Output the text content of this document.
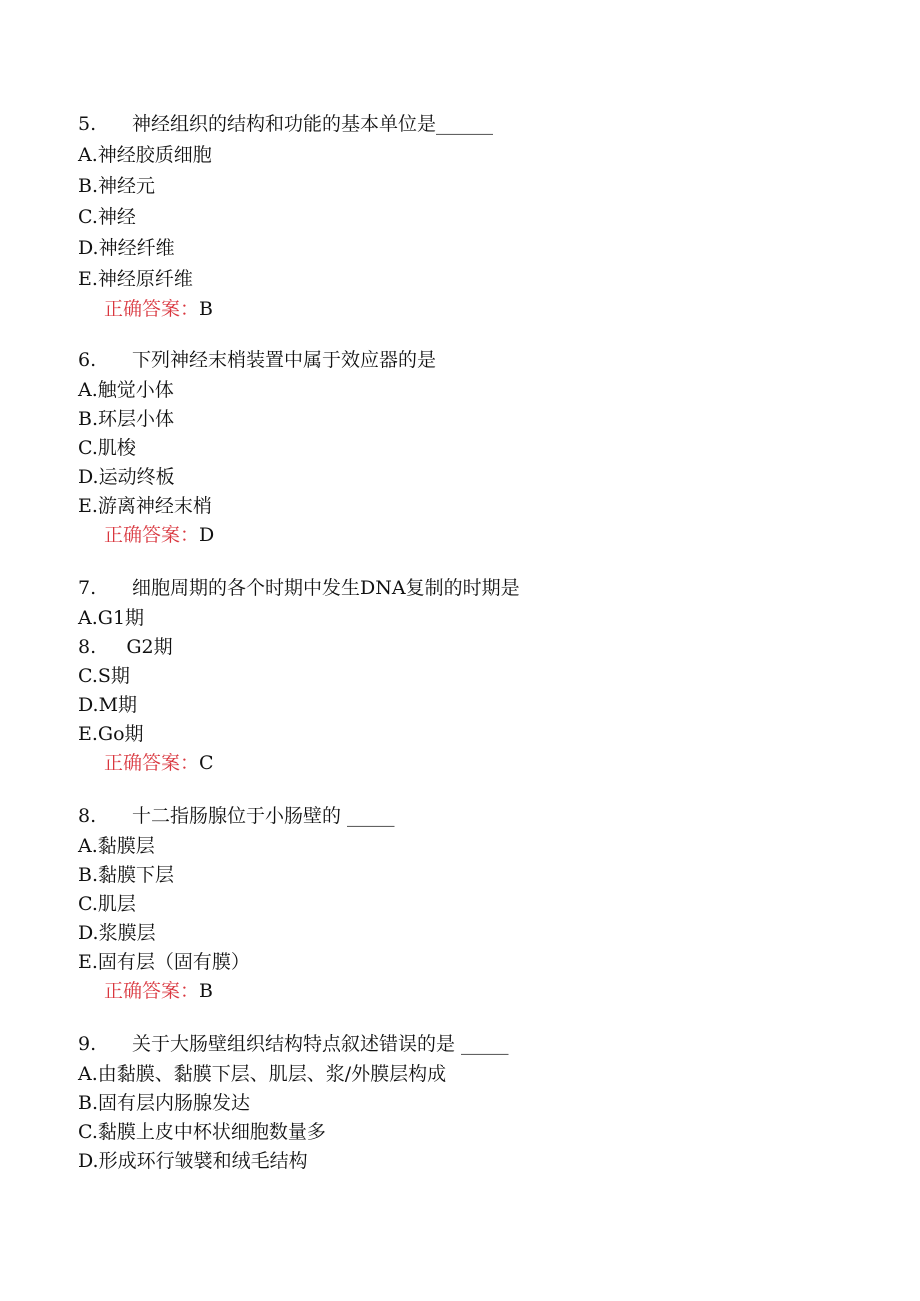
5. 神经组织的结构和功能的基本单位是______
A.神经胶质细胞
B.神经元
C.神经
D.神经纤维
E.神经原纤维
正确答案：B
6. 下列神经末梢装置中属于效应器的是
A.触觉小体
B.环层小体
C.肌梭
D.运动终板
E.游离神经末梢
正确答案：D
7. 细胞周期的各个时期中发生DNA复制的时期是
A.G1期
8.     G2期
C.S期
D.M期
E.Go期
正确答案：C
8. 十二指肠腺位于小肠壁的 _____
A.黏膜层
B.黏膜下层
C.肌层
D.浆膜层
E.固有层（固有膜）
正确答案：B
9. 关于大肠壁组织结构特点叙述错误的是 _____
A.由黏膜、黏膜下层、肌层、浆/外膜层构成
B.固有层内肠腺发达
C.黏膜上皮中杯状细胞数量多
D.形成环行皱襞和绒毛结构
